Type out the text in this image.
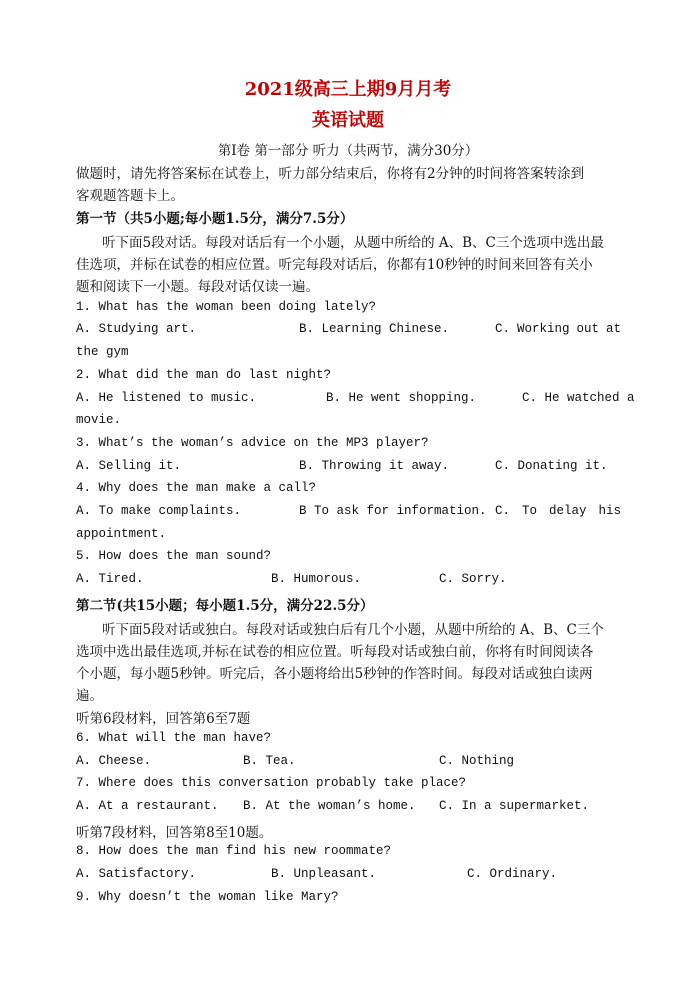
2021级高三上期9月月考
英语试题
第Ⅰ卷 第一部分 听力（共两节，满分30分）
做题时，请先将答案标在试卷上，听力部分结束后，你将有2分钟的时间将答案转涂到
客观题答题卡上。
第一节（共5小题;每小题1.5分，满分7.5分）
听下面5段对话。每段对话后有一个小题，从题中所给的 A、B、C三个选项中选出最
佳选项，并标在试卷的相应位置。听完每段对话后，你都有10秒钟的时间来回答有关小
题和阅读下一小题。每段对话仅读一遍。
1. What has the woman been doing lately?
A. Studying art.	B. Learning Chinese.	C. Working out at
the gym
2. What did the man do last night?
A. He listened to music.	B. He went shopping.	C. He watched a
movie.
3. What’s the woman’s advice on the MP3 player?
A. Selling it.	B. Throwing it away.	C. Donating it.
4. Why does the man make a call?
A. To make complaints.	B To ask for information. C. To delay his
appointment.
5. How does the man sound?
A. Tired.	B. Humorous.	C. Sorry.
第二节(共15小题；每小题1.5分，满分22.5分）
听下面5段对话或独白。每段对话或独白后有几个小题，从题中所给的 A、B、C三个
选项中选出最佳选项,并标在试卷的相应位置。听每段对话或独白前，你将有时间阅读各
个小题，每小题5秒钟。听完后，各小题将给出5秒钟的作答时间。每段对话或独白读两
遍。
听第6段材料，回答第6至7题
6. What will the man have?
A. Cheese.	B. Tea.	C. Nothing
7. Where does this conversation probably take place?
A. At a restaurant. B. At the woman’s home. C. In a supermarket.
听第7段材料，回答第8至10题。
8. How does the man find his new roommate?
A. Satisfactory.	B. Unpleasant.	C. Ordinary.
9. Why doesn’t the woman like Mary?
